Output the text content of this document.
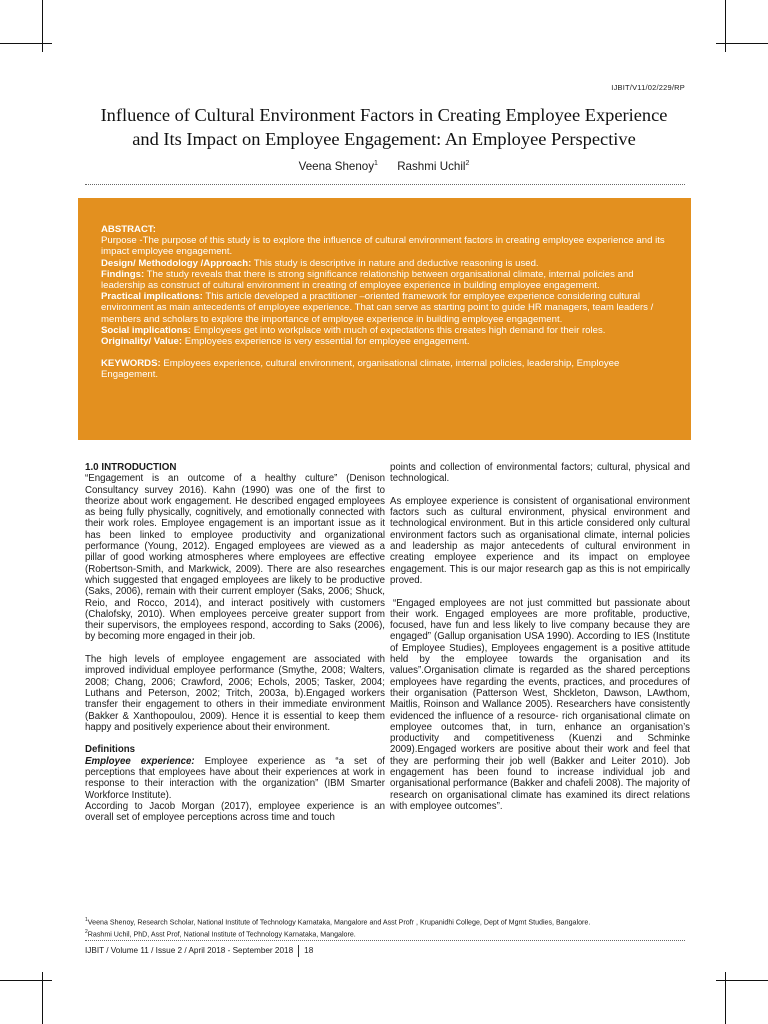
IJBIT/V11/02/229/RP
Influence of Cultural Environment Factors in Creating Employee Experience
and Its Impact on Employee Engagement: An Employee Perspective
Veena Shenoy$^1$ Rashmi Uchil$^2$

ABSTRACT:

Purpose -The purpose of this study is to explore the influence of cultural environment factors in creating employee experience and its impact employee engagement.

Design/ Methodology /Approach: This study is descriptive in nature and deductive reasoning is used.

Findings: The study reveals that there is strong significance relationship between organisational climate, internal policies and leadership as construct of cultural environment in creating of employee experience in building employee engagement.

Practical implications: This article developed a practitioner –oriented framework for employee experience considering cultural environment as main antecedents of employee experience. That can serve as starting point to guide HR managers, team leaders / members and scholars to explore the importance of employee experience in building employee engagement.

Social implications: Employees get into workplace with much of expectations this creates high demand for their roles.

Originality/ Value: Employees experience is very essential for employee engagement.

KEYWORDS: Employees experience, cultural environment, organisational climate, internal policies, leadership, Employee Engagement.

1.0 INTRODUCTION

“Engagement is an outcome of a healthy culture” (Denison Consultancy survey 2016). Kahn (1990) was one of the first to theorize about work engagement. He described engaged employees as being fully physically, cognitively, and emotionally connected with their work roles. Employee engagement is an important issue as it has been linked to employee productivity and organizational performance (Young, 2012). Engaged employees are viewed as a pillar of good working atmospheres where employees are effective (Robertson-Smith, and Markwick, 2009). There are also researches which suggested that engaged employees are likely to be productive (Saks, 2006), remain with their current employer (Saks, 2006; Shuck, Reio, and Rocco, 2014), and interact positively with customers (Chalofsky, 2010). When employees perceive greater support from their supervisors, the employees respond, according to Saks (2006), by becoming more engaged in their job.

The high levels of employee engagement are associated with improved individual employee performance (Smythe, 2008; Walters, 2008; Chang, 2006; Crawford, 2006; Echols, 2005; Tasker, 2004; Luthans and Peterson, 2002; Tritch, 2003a, b).Engaged workers transfer their engagement to others in their immediate environment (Bakker & Xanthopoulou, 2009). Hence it is essential to keep them happy and positively experience about their environment.

Definitions

Employee experience: Employee experience as “a set of perceptions that employees have about their experiences at work in response to their interaction with the organization” (IBM Smarter Workforce Institute).

According to Jacob Morgan (2017), employee experience is an overall set of employee perceptions across time and touch

points and collection of environmental factors; cultural, physical and technological.

As employee experience is consistent of organisational environment factors such as cultural environment, physical environment and technological environment. But in this article considered only cultural environment factors such as organisational climate, internal policies and leadership as major antecedents of cultural environment in creating employee experience and its impact on employee engagement. This is our major research gap as this is not empirically proved.

“Engaged employees are not just committed but passionate about their work. Engaged employees are more profitable, productive, focused, have fun and less likely to live company because they are engaged” (Gallup organisation USA 1990). According to IES (Institute of Employee Studies), Employees engagement is a positive attitude held by the employee towards the organisation and its values”.Organisation climate is regarded as the shared perceptions employees have regarding the events, practices, and procedures of their organisation (Patterson West, Shckleton, Dawson, LAwthom, Maitlis, Roinson and Wallance 2005). Researchers have consistently evidenced the influence of a resource- rich organisational climate on employee outcomes that, in turn, enhance an organisation’s productivity and competitiveness (Kuenzi and Schminke 2009).Engaged workers are positive about their work and feel that they are performing their job well (Bakker and Leiter 2010). Job engagement has been found to increase individual job and organisational performance (Bakker and chafeli 2008). The majority of research on organisational climate has examined its direct relations with employee outcomes”.

$^1$Veena Shenoy, Research Scholar, National Institute of Technology Karnataka, Mangalore and Asst Profr , Krupanidhi College, Dept of Mgmt Studies, Bangalore.
$^2$Rashmi Uchil, PhD, Asst Prof, National Institute of Technology Karnataka, Mangalore.
IJBIT / Volume 11 / Issue 2 / April 2018 - September 2018 18
